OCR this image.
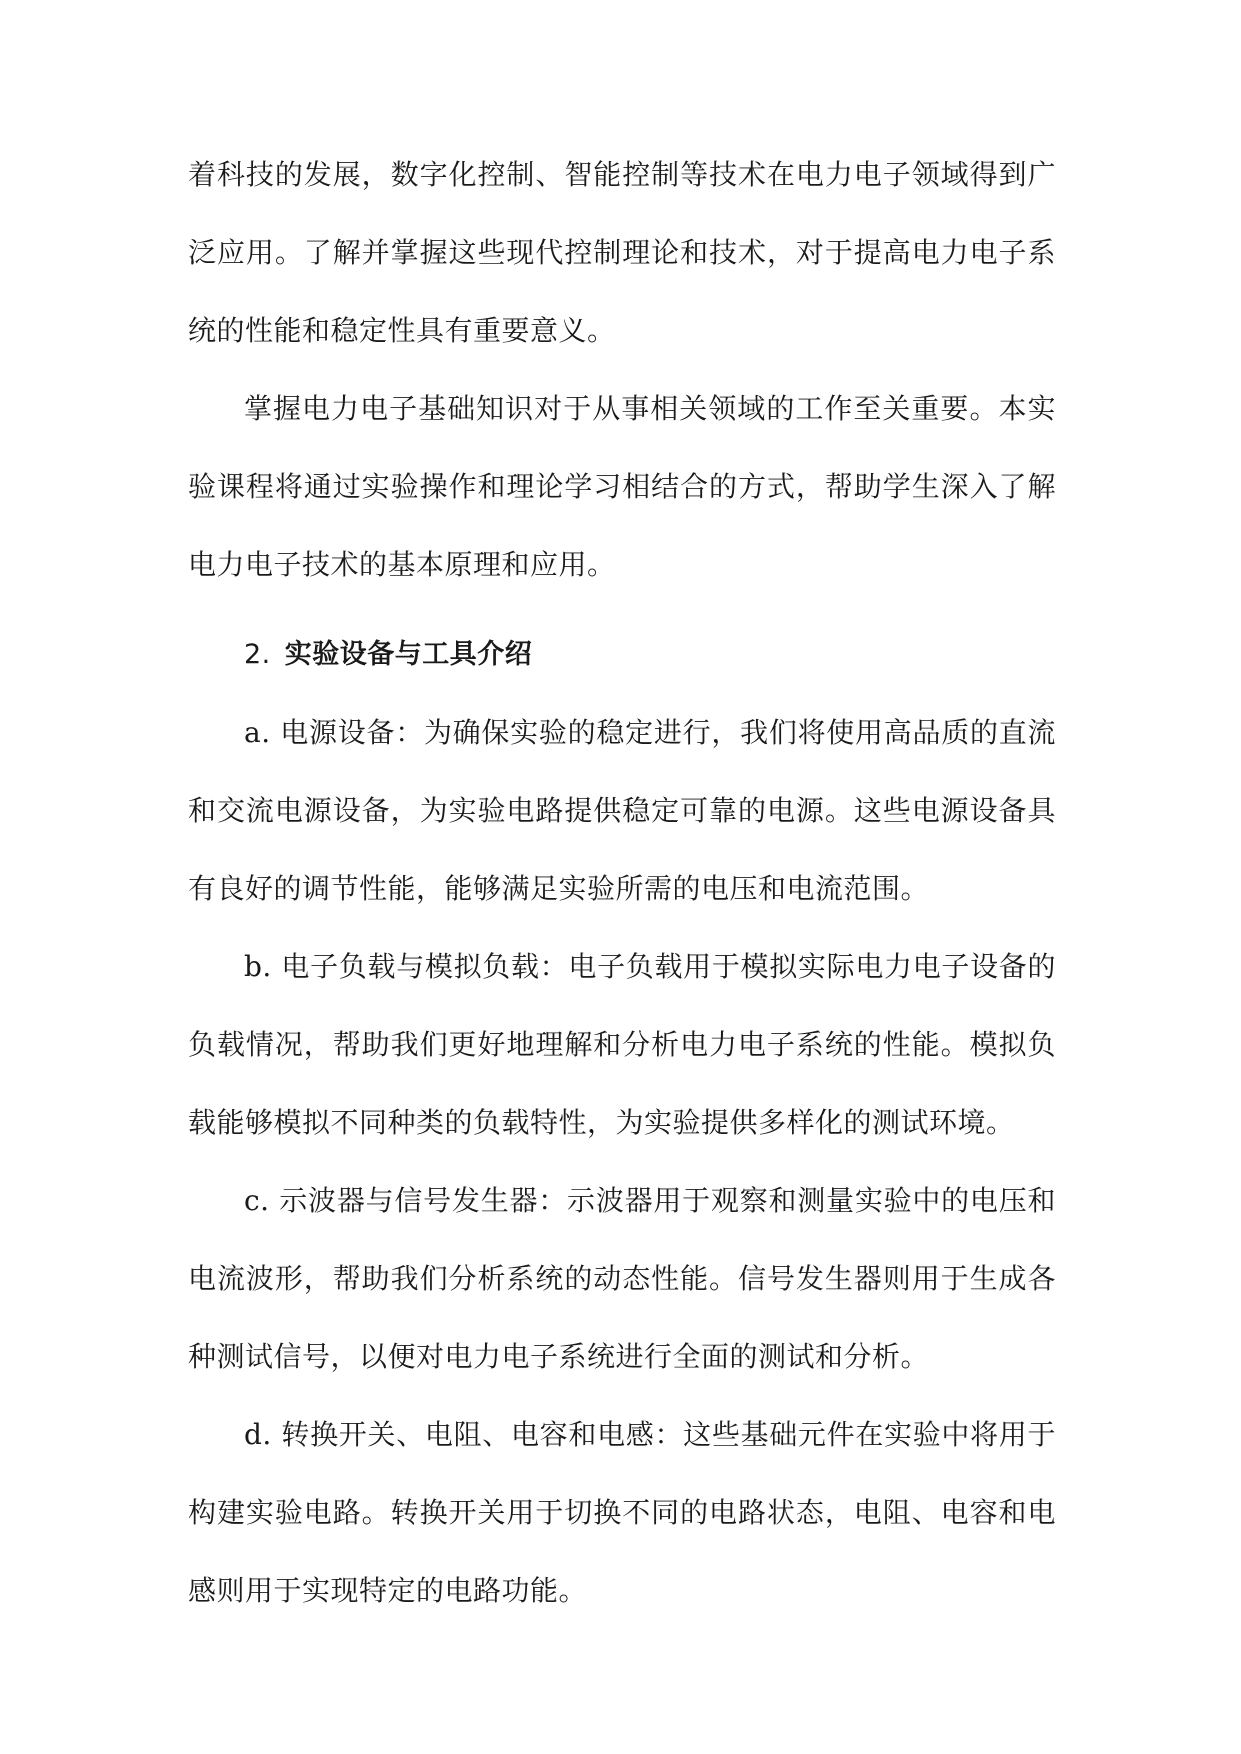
着科技的发展，数字化控制、智能控制等技术在电力电子领域得到广泛应用。了解并掌握这些现代控制理论和技术，对于提高电力电子系统的性能和稳定性具有重要意义。

掌握电力电子基础知识对于从事相关领域的工作至关重要。本实验课程将通过实验操作和理论学习相结合的方式，帮助学生深入了解电力电子技术的基本原理和应用。

2. 实验设备与工具介绍

a. 电源设备：为确保实验的稳定进行，我们将使用高品质的直流和交流电源设备，为实验电路提供稳定可靠的电源。这些电源设备具有良好的调节性能，能够满足实验所需的电压和电流范围。

b. 电子负载与模拟负载：电子负载用于模拟实际电力电子设备的负载情况，帮助我们更好地理解和分析电力电子系统的性能。模拟负载能够模拟不同种类的负载特性，为实验提供多样化的测试环境。

c. 示波器与信号发生器：示波器用于观察和测量实验中的电压和电流波形，帮助我们分析系统的动态性能。信号发生器则用于生成各种测试信号，以便对电力电子系统进行全面的测试和分析。

d. 转换开关、电阻、电容和电感：这些基础元件在实验中将用于构建实验电路。转换开关用于切换不同的电路状态，电阻、电容和电感则用于实现特定的电路功能。
